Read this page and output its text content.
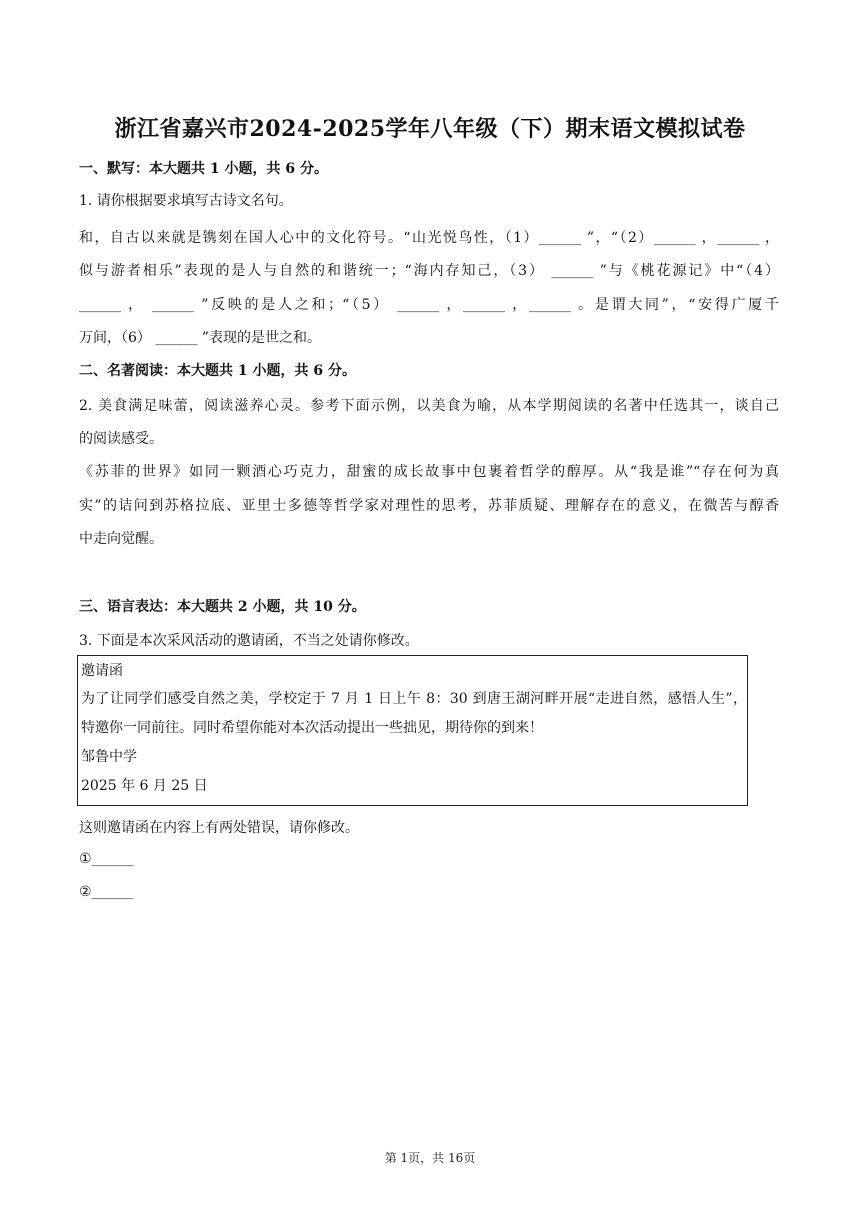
浙江省嘉兴市2024-2025学年八年级（下）期末语文模拟试卷
一、默写：本大题共 1 小题，共 6 分。
1. 请你根据要求填写古诗文名句。
和，自古以来就是镌刻在国人心中的文化符号。“山光悦鸟性，（1）______ ”，“（2）______ ，______ ，
似与游者相乐”表现的是人与自然的和谐统一；“海内存知己，（3） ______ ”与《桃花源记》中“（4）
______ ， ______ ”反映的是人之和；“（5） ______ ，______ ，______ 。是谓大同”，“安得广厦千
万间，（6） ______ ”表现的是世之和。
二、名著阅读：本大题共 1 小题，共 6 分。
2. 美食满足味蕾，阅读滋养心灵。参考下面示例，以美食为喻，从本学期阅读的名著中任选其一，谈自己
的阅读感受。
《苏菲的世界》如同一颗酒心巧克力，甜蜜的成长故事中包裹着哲学的醇厚。从“我是谁”“存在何为真
实”的诘问到苏格拉底、亚里士多德等哲学家对理性的思考，苏菲质疑、理解存在的意义，在微苦与醇香
中走向觉醒。
三、语言表达：本大题共 2 小题，共 10 分。
3. 下面是本次采风活动的邀请函，不当之处请你修改。
邀请函
为了让同学们感受自然之美，学校定于 7 月 1 日上午 8：30 到唐王湖河畔开展“走进自然，感悟人生”，
特邀你一同前往。同时希望你能对本次活动提出一些拙见，期待你的到来！
邹鲁中学
2025 年 6 月 25 日
这则邀请函在内容上有两处错误，请你修改。
①______
②______
第 1页，共 16页
